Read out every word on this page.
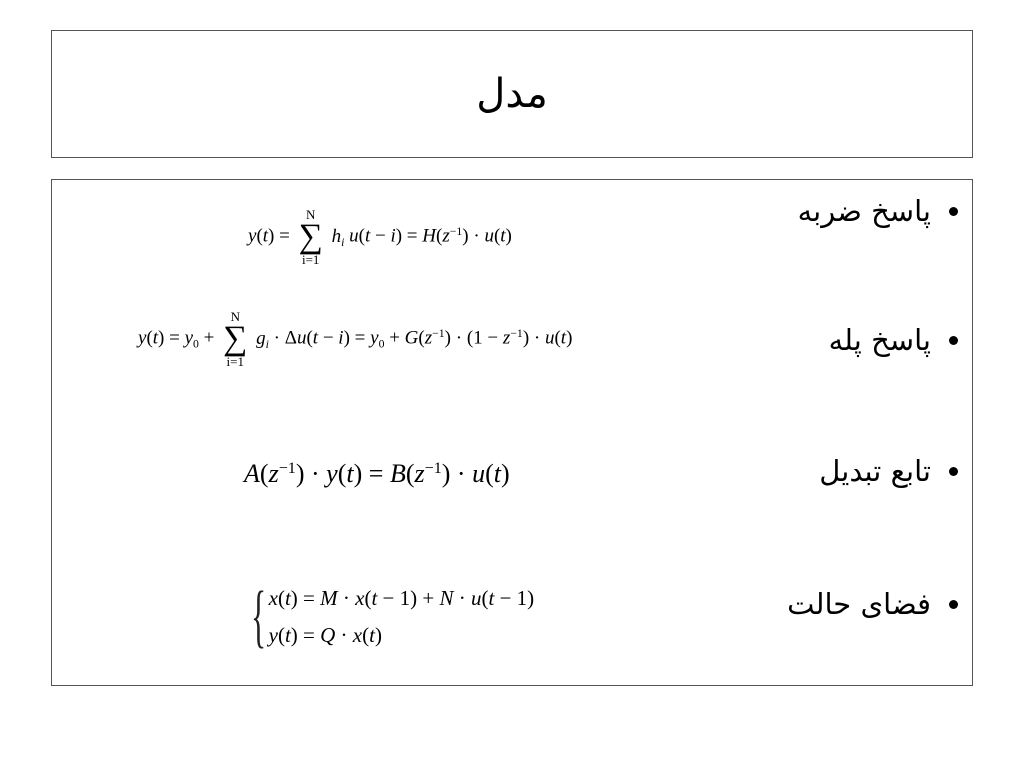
مدل
پاسخ ضربه
y(t) =
N
∑
i=1
$h_i$ $u(t - i) = H(z^{-1}) \cdot u(t)$
پاسخ پله
$y(t) = y_0$ +
N
∑
i=1
$g_i \cdot \Delta u(t - i) = y_0 + G(z^{-1}) \cdot (1 - z^{-1}) \cdot u(t)$
تابع تبدیل
$A(z^{-1}) \cdot y(t) = B(z^{-1}) \cdot u(t)$
فضای حالت
{ x(t) = M · x(t − 1) + N · u(t − 1)
y(t) = Q · x(t)
